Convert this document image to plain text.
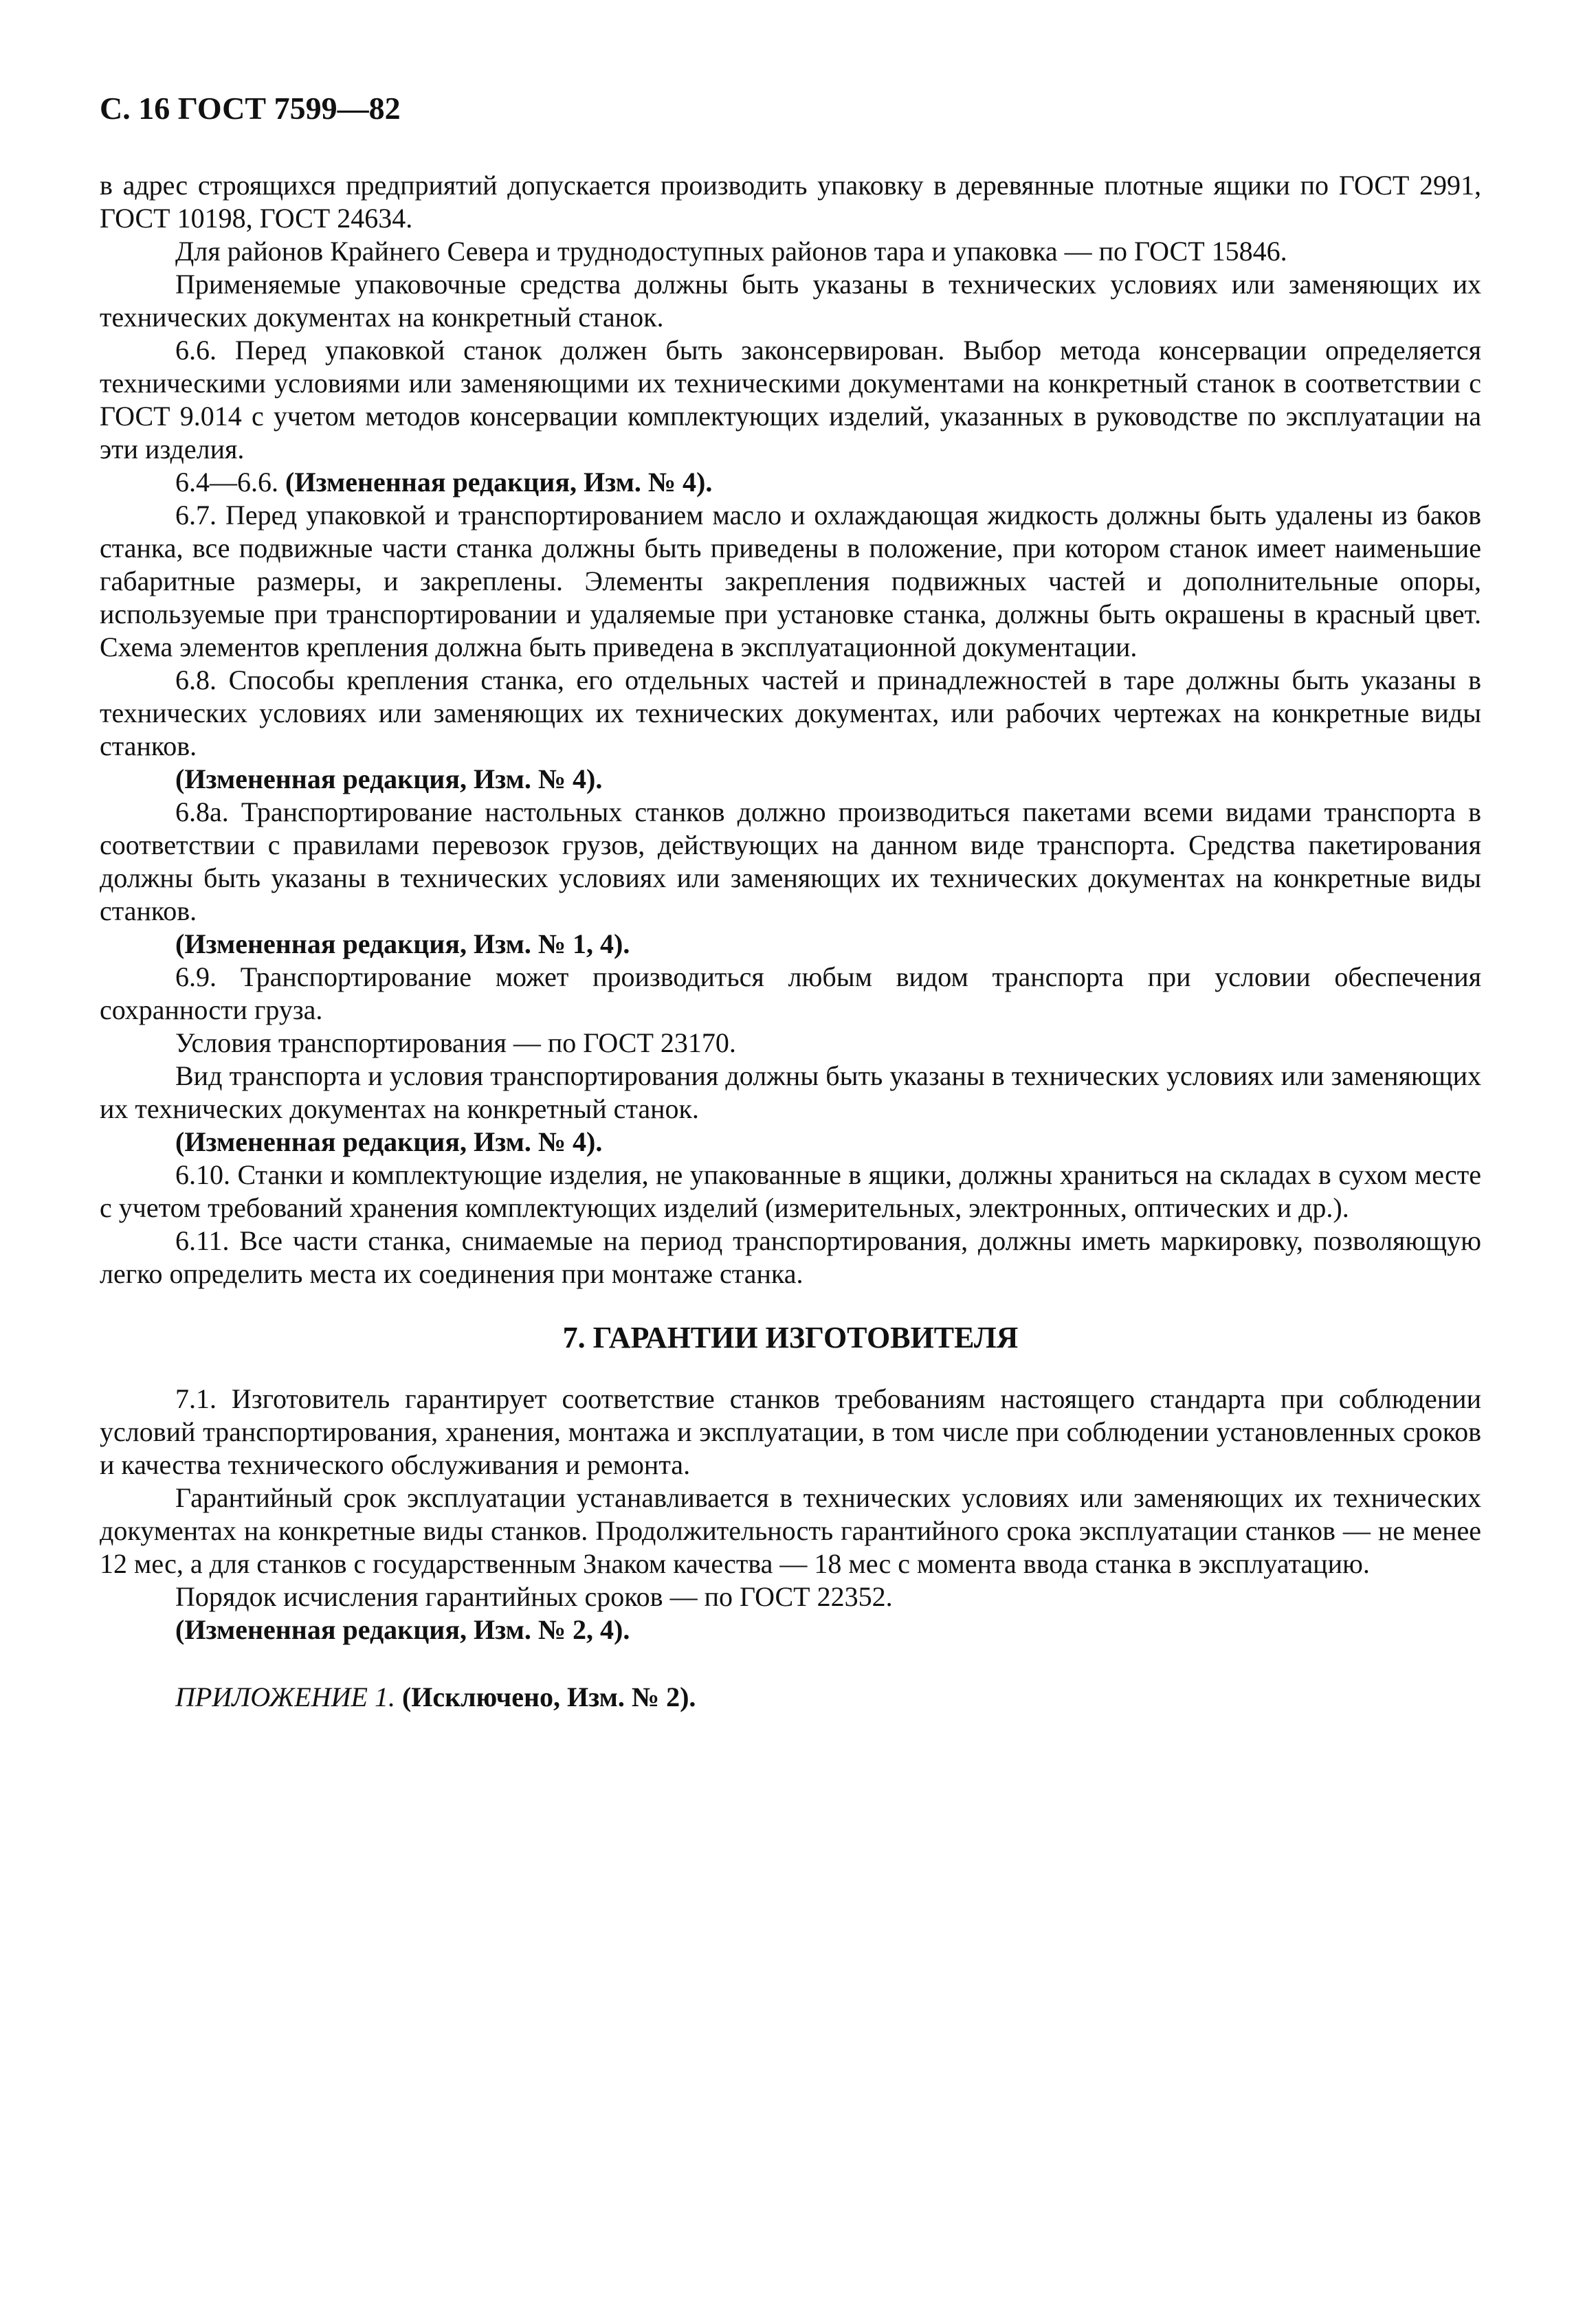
С. 16 ГОСТ 7599—82

в адрес строящихся предприятий допускается производить упаковку в деревянные плотные ящики по ГОСТ 2991, ГОСТ 10198, ГОСТ 24634.

Для районов Крайнего Севера и труднодоступных районов тара и упаковка — по ГОСТ 15846.

Применяемые упаковочные средства должны быть указаны в технических условиях или заменяющих их технических документах на конкретный станок.

6.6. Перед упаковкой станок должен быть законсервирован. Выбор метода консервации определяется техническими условиями или заменяющими их техническими документами на конкретный станок в соответствии с ГОСТ 9.014 с учетом методов консервации комплектующих изделий, указанных в руководстве по эксплуатации на эти изделия.

6.4—6.6. (Измененная редакция, Изм. № 4).

6.7. Перед упаковкой и транспортированием масло и охлаждающая жидкость должны быть удалены из баков станка, все подвижные части станка должны быть приведены в положение, при котором станок имеет наименьшие габаритные размеры, и закреплены. Элементы закрепления подвижных частей и дополнительные опоры, используемые при транспортировании и удаляемые при установке станка, должны быть окрашены в красный цвет. Схема элементов крепления должна быть приведена в эксплуатационной документации.

6.8. Способы крепления станка, его отдельных частей и принадлежностей в таре должны быть указаны в технических условиях или заменяющих их технических документах, или рабочих чертежах на конкретные виды станков.

(Измененная редакция, Изм. № 4).

6.8а. Транспортирование настольных станков должно производиться пакетами всеми видами транспорта в соответствии с правилами перевозок грузов, действующих на данном виде транспорта. Средства пакетирования должны быть указаны в технических условиях или заменяющих их технических документах на конкретные виды станков.

(Измененная редакция, Изм. № 1, 4).

6.9. Транспортирование может производиться любым видом транспорта при условии обеспечения сохранности груза.

Условия транспортирования — по ГОСТ 23170.

Вид транспорта и условия транспортирования должны быть указаны в технических условиях или заменяющих их технических документах на конкретный станок.

(Измененная редакция, Изм. № 4).

6.10. Станки и комплектующие изделия, не упакованные в ящики, должны храниться на складах в сухом месте с учетом требований хранения комплектующих изделий (измерительных, электронных, оптических и др.).

6.11. Все части станка, снимаемые на период транспортирования, должны иметь маркировку, позволяющую легко определить места их соединения при монтаже станка.

7. ГАРАНТИИ ИЗГОТОВИТЕЛЯ

7.1. Изготовитель гарантирует соответствие станков требованиям настоящего стандарта при соблюдении условий транспортирования, хранения, монтажа и эксплуатации, в том числе при соблюдении установленных сроков и качества технического обслуживания и ремонта.

Гарантийный срок эксплуатации устанавливается в технических условиях или заменяющих их технических документах на конкретные виды станков. Продолжительность гарантийного срока эксплуатации станков — не менее 12 мес, а для станков с государственным Знаком качества — 18 мес с момента ввода станка в эксплуатацию.

Порядок исчисления гарантийных сроков — по ГОСТ 22352.

(Измененная редакция, Изм. № 2, 4).

ПРИЛОЖЕНИЕ 1. (Исключено, Изм. № 2).
